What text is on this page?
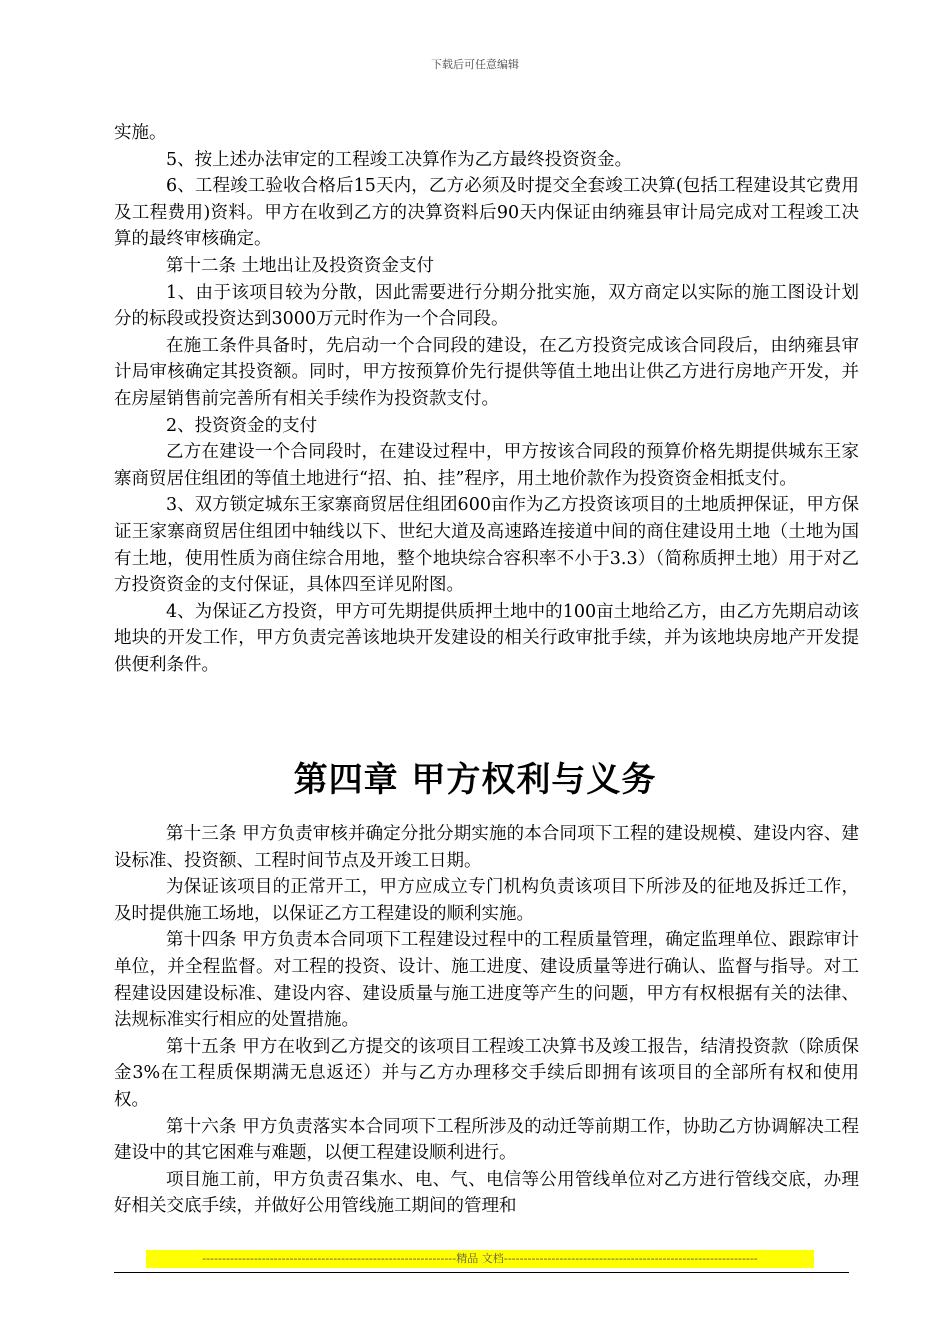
下载后可任意编辑

实施。

5、按上述办法审定的工程竣工决算作为乙方最终投资资金。

6、工程竣工验收合格后15天内，乙方必须及时提交全套竣工决算(包括工程建设其它费用及工程费用)资料。甲方在收到乙方的决算资料后90天内保证由纳雍县审计局完成对工程竣工决算的最终审核确定。

第十二条 土地出让及投资资金支付

1、由于该项目较为分散，因此需要进行分期分批实施，双方商定以实际的施工图设计划分的标段或投资达到3000万元时作为一个合同段。

在施工条件具备时，先启动一个合同段的建设，在乙方投资完成该合同段后，由纳雍县审计局审核确定其投资额。同时，甲方按预算价先行提供等值土地出让供乙方进行房地产开发，并在房屋销售前完善所有相关手续作为投资款支付。

2、投资资金的支付

乙方在建设一个合同段时，在建设过程中，甲方按该合同段的预算价格先期提供城东王家寨商贸居住组团的等值土地进行“招、拍、挂”程序，用土地价款作为投资资金相抵支付。

3、双方锁定城东王家寨商贸居住组团600亩作为乙方投资该项目的土地质押保证，甲方保证王家寨商贸居住组团中轴线以下、世纪大道及高速路连接道中间的商住建设用土地（土地为国有土地，使用性质为商住综合用地，整个地块综合容积率不小于3.3）（简称质押土地）用于对乙方投资资金的支付保证，具体四至详见附图。

4、为保证乙方投资，甲方可先期提供质押土地中的100亩土地给乙方，由乙方先期启动该地块的开发工作，甲方负责完善该地块开发建设的相关行政审批手续，并为该地块房地产开发提供便利条件。

第四章 甲方权利与义务

第十三条 甲方负责审核并确定分批分期实施的本合同项下工程的建设规模、建设内容、建设标准、投资额、工程时间节点及开竣工日期。

为保证该项目的正常开工，甲方应成立专门机构负责该项目下所涉及的征地及拆迁工作，及时提供施工场地，以保证乙方工程建设的顺利实施。

第十四条 甲方负责本合同项下工程建设过程中的工程质量管理，确定监理单位、跟踪审计单位，并全程监督。对工程的投资、设计、施工进度、建设质量等进行确认、监督与指导。对工程建设因建设标准、建设内容、建设质量与施工进度等产生的问题，甲方有权根据有关的法律、法规标准实行相应的处置措施。

第十五条 甲方在收到乙方提交的该项目工程竣工决算书及竣工报告，结清投资款（除质保金3%在工程质保期满无息返还）并与乙方办理移交手续后即拥有该项目的全部所有权和使用权。

第十六条 甲方负责落实本合同项下工程所涉及的动迁等前期工作，协助乙方协调解决工程建设中的其它困难与难题，以便工程建设顺利进行。

项目施工前，甲方负责召集水、电、气、电信等公用管线单位对乙方进行管线交底，办理好相关交底手续，并做好公用管线施工期间的管理和

----------------------------------------------------------------精品 文档----------------------------------------------------------------
